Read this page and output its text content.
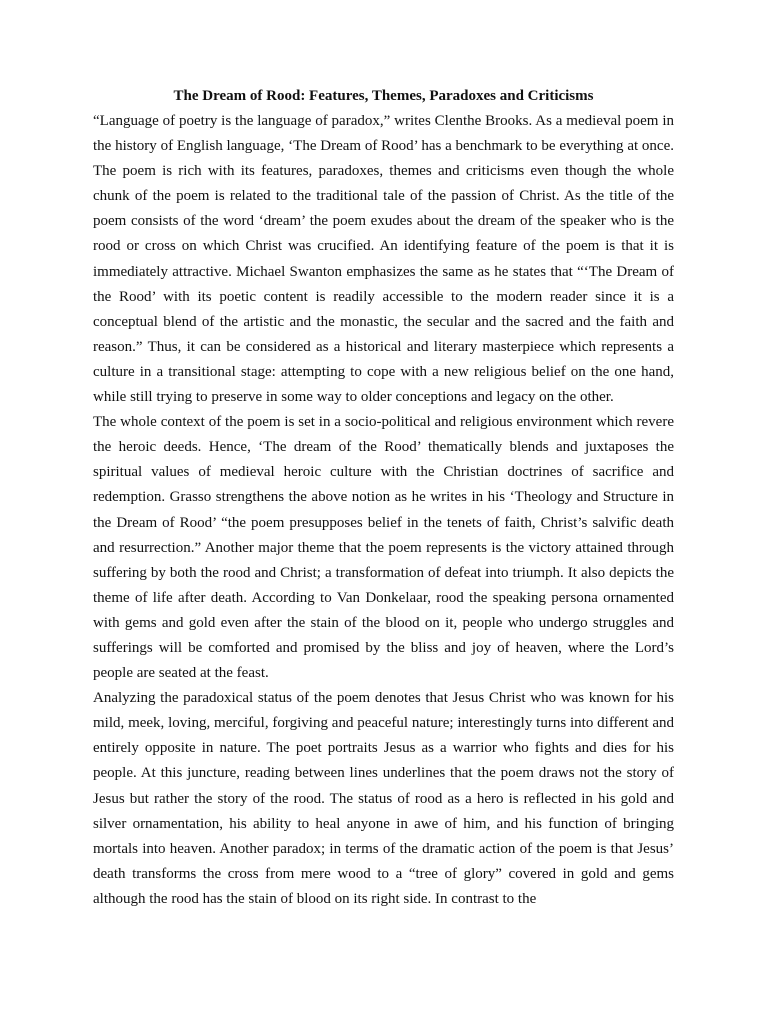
The Dream of Rood: Features, Themes, Paradoxes and Criticisms

“Language of poetry is the language of paradox,” writes Clenthe Brooks. As a medieval poem in the history of English language, ‘The Dream of Rood’ has a benchmark to be everything at once. The poem is rich with its features, paradoxes, themes and criticisms even though the whole chunk of the poem is related to the traditional tale of the passion of Christ. As the title of the poem consists of the word ‘dream’ the poem exudes about the dream of the speaker who is the rood or cross on which Christ was crucified. An identifying feature of the poem is that it is immediately attractive. Michael Swanton emphasizes the same as he states that “‘The Dream of the Rood’ with its poetic content is readily accessible to the modern reader since it is a conceptual blend of the artistic and the monastic, the secular and the sacred and the faith and reason.” Thus, it can be considered as a historical and literary masterpiece which represents a culture in a transitional stage: attempting to cope with a new religious belief on the one hand, while still trying to preserve in some way to older conceptions and legacy on the other.

The whole context of the poem is set in a socio-political and religious environment which revere the heroic deeds. Hence, ‘The dream of the Rood’ thematically blends and juxtaposes the spiritual values of medieval heroic culture with the Christian doctrines of sacrifice and redemption. Grasso strengthens the above notion as he writes in his ‘Theology and Structure in the Dream of Rood’ “the poem presupposes belief in the tenets of faith, Christ’s salvific death and resurrection.” Another major theme that the poem represents is the victory attained through suffering by both the rood and Christ; a transformation of defeat into triumph. It also depicts the theme of life after death. According to Van Donkelaar, rood the speaking persona ornamented with gems and gold even after the stain of the blood on it, people who undergo struggles and sufferings will be comforted and promised by the bliss and joy of heaven, where the Lord’s people are seated at the feast.

Analyzing the paradoxical status of the poem denotes that Jesus Christ who was known for his mild, meek, loving, merciful, forgiving and peaceful nature; interestingly turns into different and entirely opposite in nature. The poet portraits Jesus as a warrior who fights and dies for his people. At this juncture, reading between lines underlines that the poem draws not the story of Jesus but rather the story of the rood. The status of rood as a hero is reflected in his gold and silver ornamentation, his ability to heal anyone in awe of him, and his function of bringing mortals into heaven. Another paradox; in terms of the dramatic action of the poem is that Jesus’ death transforms the cross from mere wood to a “tree of glory” covered in gold and gems although the rood has the stain of blood on its right side. In contrast to the
